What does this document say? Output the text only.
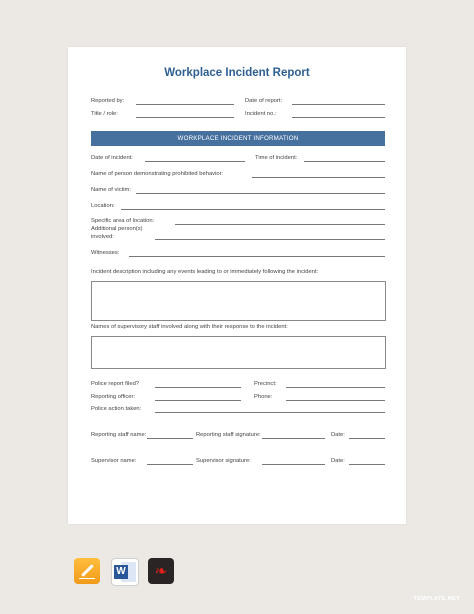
Workplace Incident Report
Reported by:	Date of report:
Title / role:	Incident no.:
WORKPLACE INCIDENT INFORMATION
Date of incident:	Time of incident:
Name of person demonstrating prohibited behavior:
Name of victim:
Location:
Specific area of location:
Additional person(s)
involved:
Witnesses:
Incident description including any events leading to or immediately following the incident:
Names of supervisory staff involved along with their response to the incident:
Police report filed?	Precinct:
Reporting officer:	Phone:
Police action taken:
Reporting staff name:	Reporting staff signature:	Date:
Supervisor name:	Supervisor signature:	Date:
W	❧
TEMPLATE.NET
